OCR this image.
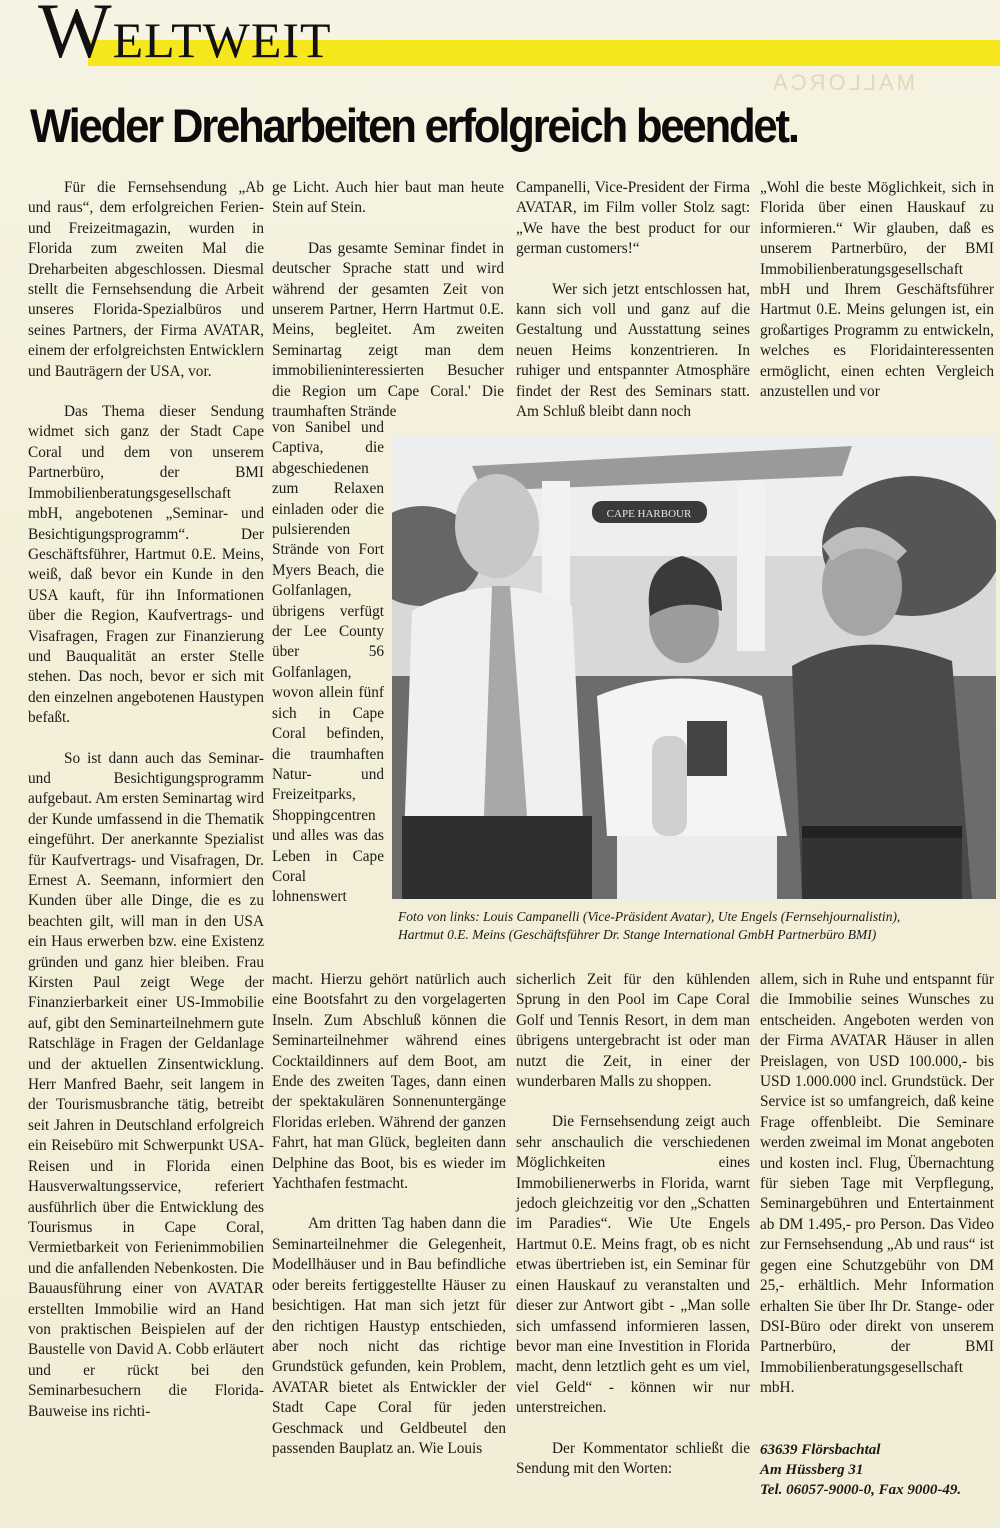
WELTWEIT
MALLORCA
Wieder Dreharbeiten erfolgreich beendet.

Für die Fernsehsendung „Ab und raus“, dem erfolgreichen Ferien- und Freizeitmagazin, wurden in Florida zum zweiten Mal die Dreharbeiten abgeschlossen. Diesmal stellt die Fernsehsendung die Arbeit unseres Florida-Spezialbüros und seines Partners, der Firma AVATAR, einem der erfolgreichsten Entwicklern und Bauträgern der USA, vor.

Das Thema dieser Sendung widmet sich ganz der Stadt Cape Coral und dem von unserem Partnerbüro, der BMI Immobilienberatungsgesellschaft mbH, angebotenen „Seminar- und Besichtigungsprogramm“. Der Geschäftsführer, Hartmut 0.E. Meins, weiß, daß bevor ein Kunde in den USA kauft, für ihn Informationen über die Region, Kaufvertrags- und Visafragen, Fragen zur Finanzierung und Bauqualität an erster Stelle stehen. Das noch, bevor er sich mit den einzelnen angebotenen Haustypen befaßt.

So ist dann auch das Seminar- und Besichtigungsprogramm aufgebaut. Am ersten Seminartag wird der Kunde umfassend in die Thematik eingeführt. Der anerkannte Spezialist für Kaufvertrags- und Visafragen, Dr. Ernest A. Seemann, informiert den Kunden über alle Dinge, die es zu beachten gilt, will man in den USA ein Haus erwerben bzw. eine Existenz gründen und ganz hier bleiben. Frau Kirsten Paul zeigt Wege der Finanzierbarkeit einer US-Immobilie auf, gibt den Seminarteilnehmern gute Ratschläge in Fragen der Geldanlage und der aktuellen Zinsentwicklung. Herr Manfred Baehr, seit langem in der Tourismusbranche tätig, betreibt seit Jahren in Deutschland erfolgreich ein Reisebüro mit Schwerpunkt USA-Reisen und in Florida einen Hausverwaltungsservice, referiert ausführlich über die Entwicklung des Tourismus in Cape Coral, Vermietbarkeit von Ferienimmobilien und die anfallenden Nebenkosten. Die Bauausführung einer von AVATAR erstellten Immobilie wird an Hand von praktischen Beispielen auf der Baustelle von David A. Cobb erläutert und er rückt bei den Seminarbesuchern die Florida-Bauweise ins richti-

ge Licht. Auch hier baut man heute Stein auf Stein.

Das gesamte Seminar findet in deutscher Sprache statt und wird während der gesamten Zeit von unserem Partner, Herrn Hartmut 0.E. Meins, begleitet. Am zweiten Seminartag zeigt man dem immobilieninteressierten Besucher die Region um Cape Coral.' Die traumhaften Strände

von Sanibel und Captiva, die abgeschiedenen zum Relaxen einladen oder die pulsierenden Strände von Fort Myers Beach, die Golfanlagen, übrigens verfügt der Lee County über 56 Golfanlagen, wovon allein fünf sich in Cape Coral befinden, die traumhaften Natur- und Freizeitparks, Shoppingcentren und alles was das Leben in Cape Coral lohnenswert

macht. Hierzu gehört natürlich auch eine Bootsfahrt zu den vorgelagerten Inseln. Zum Abschluß können die Seminarteilnehmer während eines Cocktaildinners auf dem Boot, am Ende des zweiten Tages, dann einen der spektakulären Sonnenuntergänge Floridas erleben. Während der ganzen Fahrt, hat man Glück, begleiten dann Delphine das Boot, bis es wieder im Yachthafen festmacht.

Am dritten Tag haben dann die Seminarteilnehmer die Gelegenheit, Modellhäuser und in Bau befindliche oder bereits fertiggestellte Häuser zu besichtigen. Hat man sich jetzt für den richtigen Haustyp entschieden, aber noch nicht das richtige Grundstück gefunden, kein Problem, AVATAR bietet als Entwickler der Stadt Cape Coral für jeden Geschmack und Geldbeutel den passenden Bauplatz an. Wie Louis

Campanelli, Vice-President der Firma AVATAR, im Film voller Stolz sagt: „We have the best product for our german customers!“

Wer sich jetzt entschlossen hat, kann sich voll und ganz auf die Gestaltung und Ausstattung seines neuen Heims konzentrieren. In ruhiger und entspannter Atmosphäre findet der Rest des Seminars statt. Am Schluß bleibt dann noch

sicherlich Zeit für den kühlenden Sprung in den Pool im Cape Coral Golf und Tennis Resort, in dem man übrigens untergebracht ist oder man nutzt die Zeit, in einer der wunderbaren Malls zu shoppen.

Die Fernsehsendung zeigt auch sehr anschaulich die verschiedenen Möglichkeiten eines Immobilienerwerbs in Florida, warnt jedoch gleichzeitig vor den „Schatten im Paradies“. Wie Ute Engels Hartmut 0.E. Meins fragt, ob es nicht etwas übertrieben ist, ein Seminar für einen Hauskauf zu veranstalten und dieser zur Antwort gibt - „Man solle sich umfassend informieren lassen, bevor man eine Investition in Florida macht, denn letztlich geht es um viel, viel Geld“ - können wir nur unterstreichen.

Der Kommentator schließt die Sendung mit den Worten:

„Wohl die beste Möglichkeit, sich in Florida über einen Hauskauf zu informieren.“ Wir glauben, daß es unserem Partnerbüro, der BMI Immobilienberatungsgesellschaft mbH und Ihrem Geschäftsführer Hartmut 0.E. Meins gelungen ist, ein großartiges Programm zu entwickeln, welches es Floridainteressenten ermöglicht, einen echten Vergleich anzustellen und vor

allem, sich in Ruhe und entspannt für die Immobilie seines Wunsches zu entscheiden. Angeboten werden von der Firma AVATAR Häuser in allen Preislagen, von USD 100.000,- bis USD 1.000.000 incl. Grundstück. Der Service ist so umfangreich, daß keine Frage offenbleibt. Die Seminare werden zweimal im Monat angeboten und kosten incl. Flug, Übernachtung für sieben Tage mit Verpflegung, Seminargebühren und Entertainment ab DM 1.495,- pro Person. Das Video zur Fernsehsendung „Ab und raus“ ist gegen eine Schutzgebühr von DM 25,- erhältlich. Mehr Information erhalten Sie über Ihr Dr. Stange- oder DSI-Büro oder direkt von unserem Partnerbüro, der BMI Immobilienberatungsgesellschaft mbH.

CAPE HARBOUR
Foto von links: Louis Campanelli (Vice-Präsident Avatar), Ute Engels (Fernsehjournalistin),
Hartmut 0.E. Meins (Geschäftsführer Dr. Stange International GmbH Partnerbüro BMI)
63639 Flörsbachtal
Am Hüssberg 31
Tel. 06057-9000-0, Fax 9000-49.
